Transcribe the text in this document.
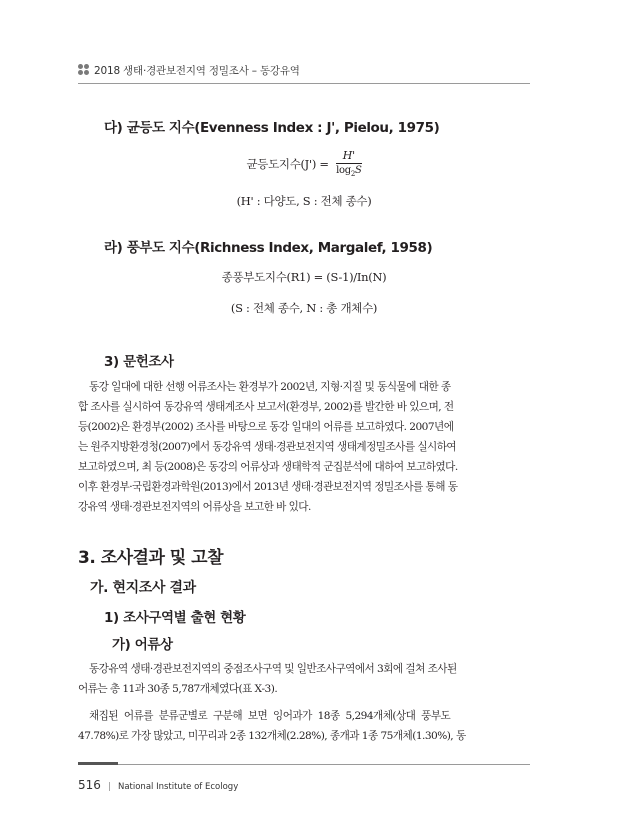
2018 생태·경관보전지역 정밀조사 – 동강유역
다) 균등도 지수(Evenness Index : J', Pielou, 1975)
균등도지수$(J') = \frac{H'}{\log_2S}$
(H' : 다양도, S : 전체 종수)
라) 풍부도 지수(Richness Index, Margalef, 1958)
종풍부도지수(R1) = (S-1)/In(N)
(S : 전체 종수, N : 총 개체수)
3) 문헌조사
동강 일대에 대한 선행 어류조사는 환경부가 2002년, 지형·지질 및 동식물에 대한 종
합 조사를 실시하여 동강유역 생태계조사 보고서(환경부, 2002)를 발간한 바 있으며, 전
등(2002)은 환경부(2002) 조사를 바탕으로 동강 일대의 어류를 보고하였다. 2007년에
는 원주지방환경청(2007)에서 동강유역 생태·경관보전지역 생태계정밀조사를 실시하여
보고하였으며, 최 등(2008)은 동강의 어류상과 생태학적 군집분석에 대하여 보고하였다.
이후 환경부·국립환경과학원(2013)에서 2013년 생태·경관보전지역 정밀조사를 통해 동
강유역 생태·경관보전지역의 어류상을 보고한 바 있다.
3. 조사결과 및 고찰
가. 현지조사 결과
1) 조사구역별 출현 현황
가) 어류상
동강유역 생태·경관보전지역의 중점조사구역 및 일반조사구역에서 3회에 걸쳐 조사된
어류는 총 11과 30종 5,787개체였다(표 Ⅹ-3).
채집된 어류를 분류군별로 구분해 보면 잉어과가 18종 5,294개체(상대 풍부도
47.78%)로 가장 많았고, 미꾸리과 2종 132개체(2.28%), 종개과 1종 75개체(1.30%), 동
516 | National Institute of Ecology
